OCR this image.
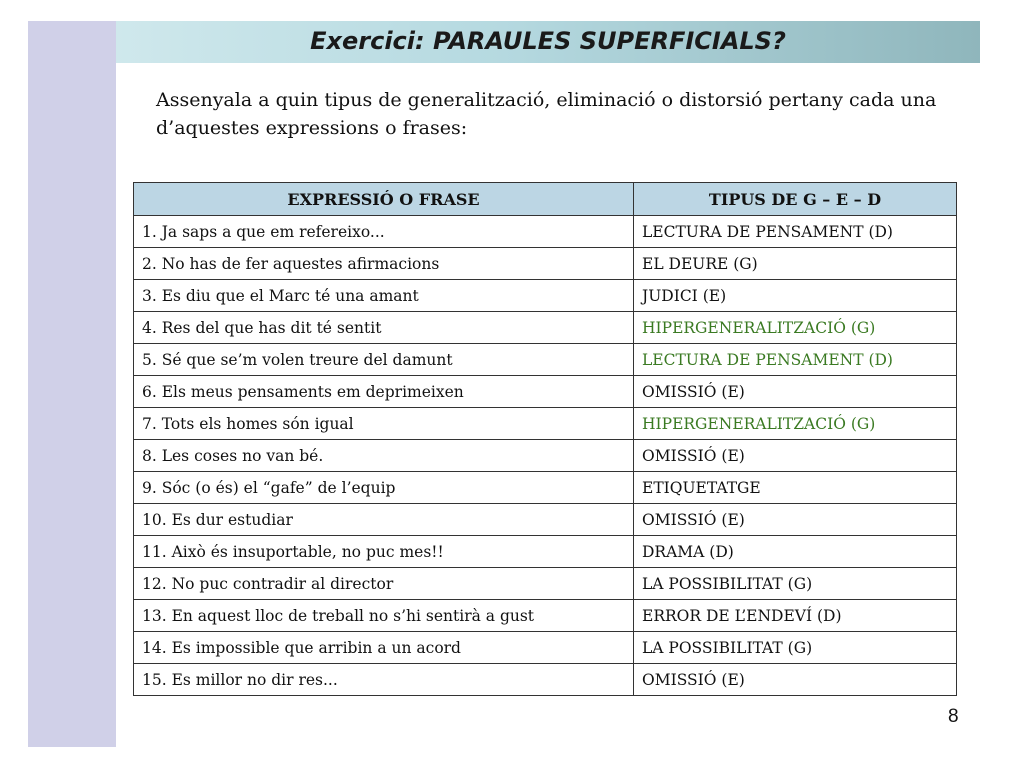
Exercici: PARAULES SUPERFICIALS?
Assenyala a quin tipus de generalització, eliminació o distorsió pertany cada una d’aquestes expressions o frases:
EXPRESSIÓ O FRASE	TIPUS DE G – E – D
1. Ja saps a que em refereixo...	LECTURA DE PENSAMENT (D)
2. No has de fer aquestes afirmacions	EL DEURE (G)
3. Es diu que el Marc té una amant	JUDICI (E)
4. Res del que has dit té sentit	HIPERGENERALITZACIÓ (G)
5. Sé que se’m volen treure del damunt	LECTURA DE PENSAMENT (D)
6. Els meus pensaments em deprimeixen	OMISSIÓ (E)
7. Tots els homes són igual	HIPERGENERALITZACIÓ (G)
8. Les coses no van bé.	OMISSIÓ (E)
9. Sóc (o és) el “gafe” de l’equip	ETIQUETATGE
10. Es dur estudiar	OMISSIÓ (E)
11. Això és insuportable, no puc mes!!	DRAMA (D)
12. No puc contradir al director	LA POSSIBILITAT (G)
13. En aquest lloc de treball no s’hi sentirà a gust	ERROR DE L’ENDEVÍ (D)
14. Es impossible que arribin a un acord	LA POSSIBILITAT (G)
15. Es millor no dir res...	OMISSIÓ (E)
8
